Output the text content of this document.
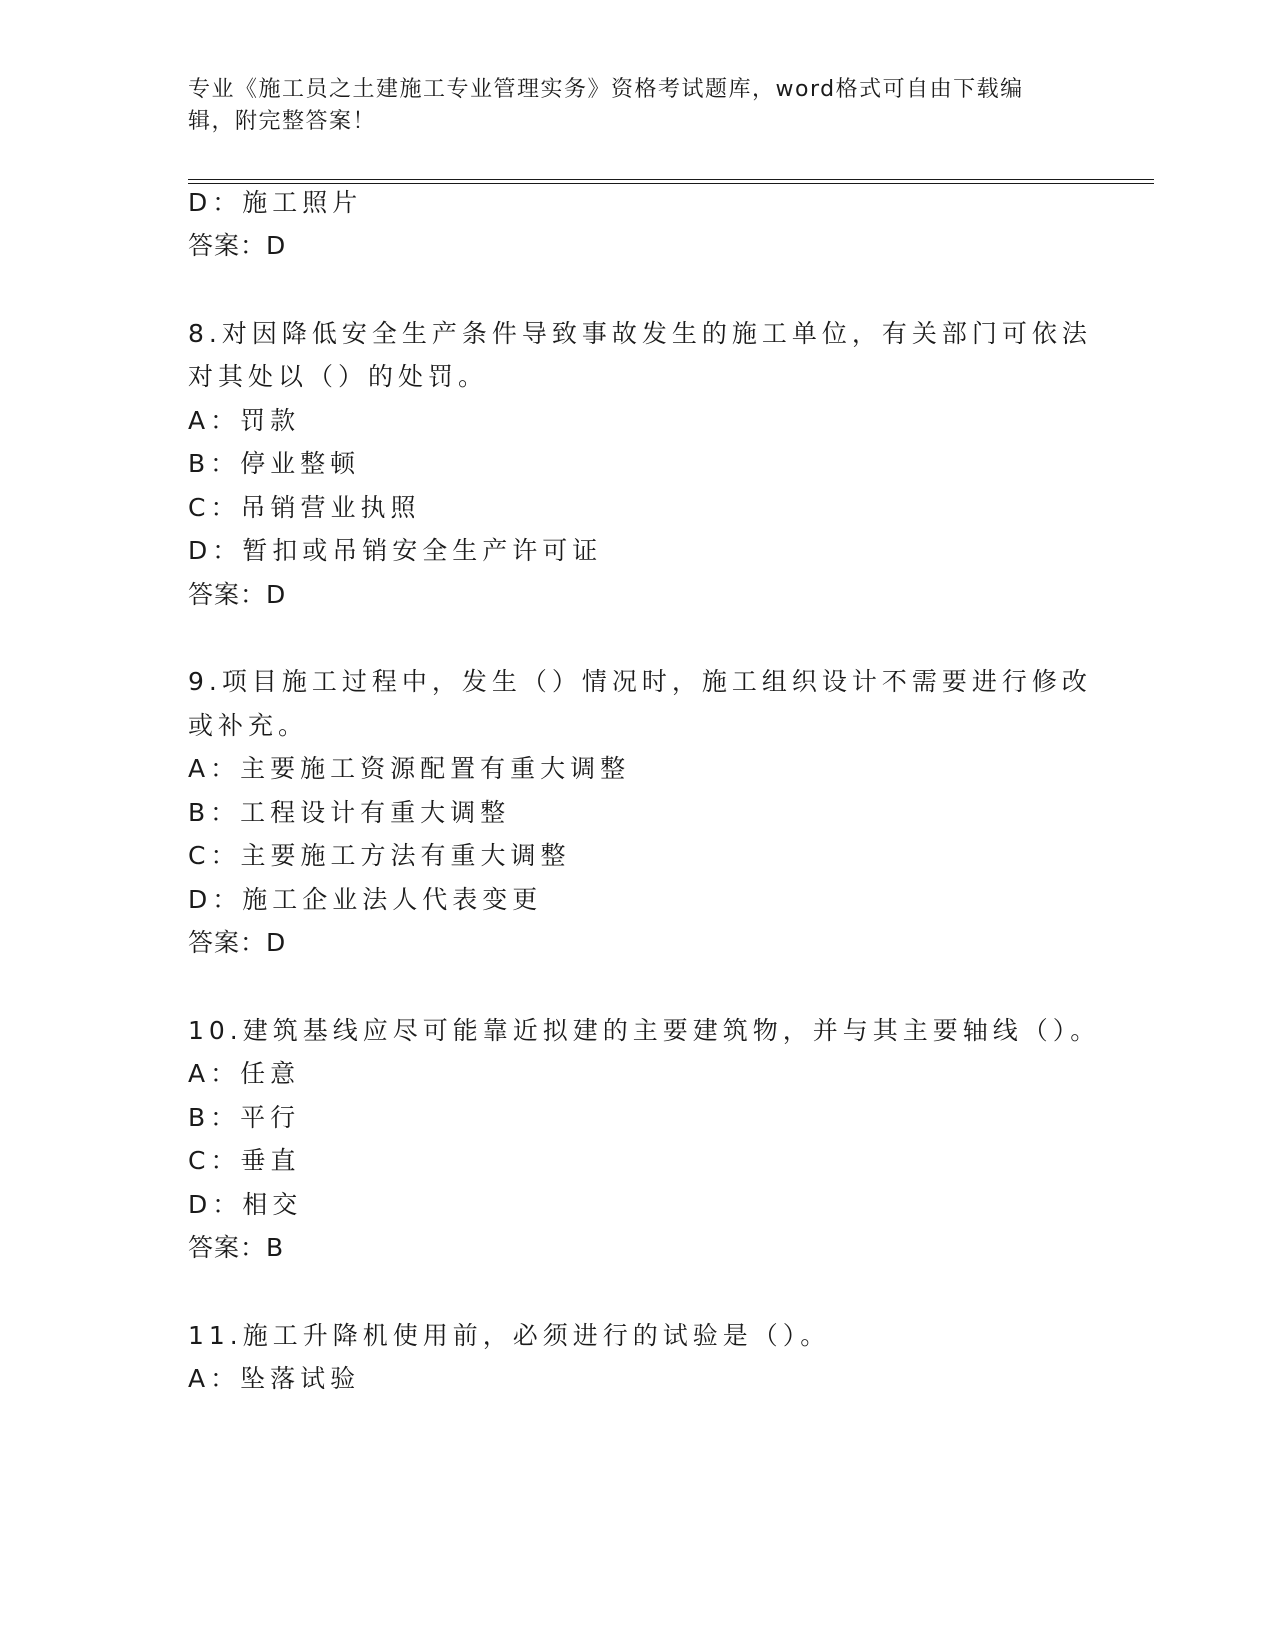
专业《施工员之土建施工专业管理实务》资格考试题库，word格式可自由下载编
辑，附完整答案！
D：施工照片
答案：D
8.对因降低安全生产条件导致事故发生的施工单位，有关部门可依法
对其处以（）的处罚。
A：罚款
B：停业整顿
C：吊销营业执照
D：暂扣或吊销安全生产许可证
答案：D
9.项目施工过程中，发生（）情况时，施工组织设计不需要进行修改
或补充。
A：主要施工资源配置有重大调整
B：工程设计有重大调整
C：主要施工方法有重大调整
D：施工企业法人代表变更
答案：D
10.建筑基线应尽可能靠近拟建的主要建筑物，并与其主要轴线（）。
A：任意
B：平行
C：垂直
D：相交
答案：B
11.施工升降机使用前，必须进行的试验是（）。
A：坠落试验
